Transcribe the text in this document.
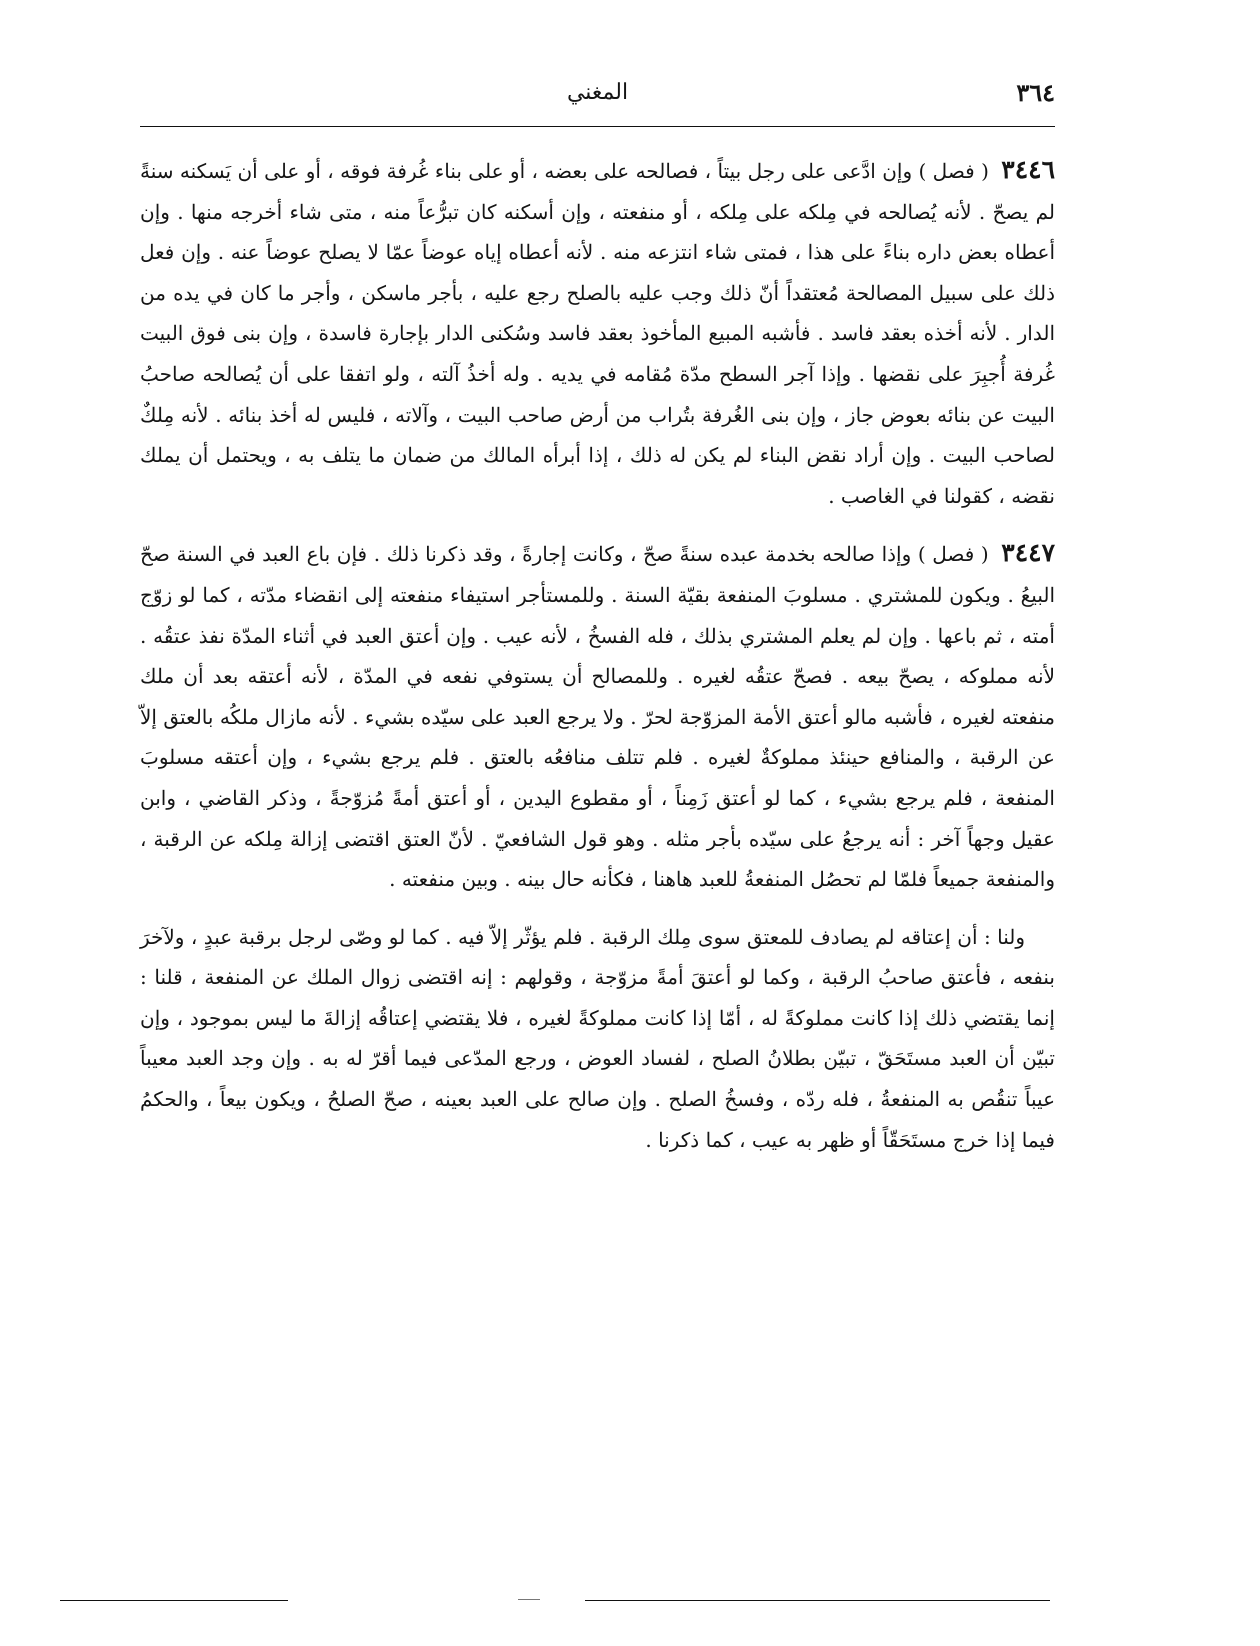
٣٦٤
المغني

٣٤٤٦ ( فصل ) وإن ادَّعى على رجل بيتاً ، فصالحه على بعضه ، أو على بناء غُرفة فوقه ، أو على أن يَسكنه سنةً لم يصحّ . لأنه يُصالحه في مِلكه على مِلكه ، أو منفعته ، وإن أسكنه كان تبرُّعاً منه ، متى شاء أخرجه منها . وإن أعطاه بعض داره بناءً على هذا ، فمتى شاء انتزعه منه . لأنه أعطاه إياه عوضاً عمّا لا يصلح عوضاً عنه . وإن فعل ذلك على سبيل المصالحة مُعتقداً أنّ ذلك وجب عليه بالصلح رجع عليه ، بأجر ماسكن ، وأجر ما كان في يده من الدار . لأنه أخذه بعقد فاسد . فأشبه المبيع المأخوذ بعقد فاسد وسُكنى الدار بإجارة فاسدة ، وإن بنى فوق البيت غُرفة أُجبِرَ على نقضها . وإذا آجر السطح مدّة مُقامه في يديه . وله أخذُ آلته ، ولو اتفقا على أن يُصالحه صاحبُ البيت عن بنائه بعوض جاز ، وإن بنى الغُرفة بتُراب من أرض صاحب البيت ، وآلاته ، فليس له أخذ بنائه . لأنه مِلكٌ لصاحب البيت . وإن أراد نقض البناء لم يكن له ذلك ، إذا أبرأه المالك من ضمان ما يتلف به ، ويحتمل أن يملك نقضه ، كقولنا في الغاصب .

٣٤٤٧ ( فصل ) وإذا صالحه بخدمة عبده سنةً صحّ ، وكانت إجارةً ، وقد ذكرنا ذلك . فإن باع العبد في السنة صحّ البيعُ . ويكون للمشتري . مسلوبَ المنفعة بقيّة السنة . وللمستأجر استيفاء منفعته إلى انقضاء مدّته ، كما لو زوّج أمته ، ثم باعها . وإن لم يعلم المشتري بذلك ، فله الفسخُ ، لأنه عيب . وإن أعتق العبد في أثناء المدّة نفذ عتقُه . لأنه مملوكه ، يصحّ بيعه . فصحّ عتقُه لغيره . وللمصالح أن يستوفي نفعه في المدّة ، لأنه أعتقه بعد أن ملك منفعته لغيره ، فأشبه مالو أعتق الأمة المزوّجة لحرّ . ولا يرجع العبد على سيّده بشيء . لأنه مازال ملكُه بالعتق إلاّ عن الرقبة ، والمنافع حينئذ مملوكةٌ لغيره . فلم تتلف منافعُه بالعتق . فلم يرجع بشيء ، وإن أعتقه مسلوبَ المنفعة ، فلم يرجع بشيء ، كما لو أعتق زَمِناً ، أو مقطوع اليدين ، أو أعتق أمةً مُزوّجةً ، وذكر القاضي ، وابن عقيل وجهاً آخر : أنه يرجعُ على سيّده بأجر مثله . وهو قول الشافعيّ . لأنّ العتق اقتضى إزالة مِلكه عن الرقبة ، والمنفعة جميعاً فلمّا لم تحصُل المنفعةُ للعبد هاهنا ، فكأنه حال بينه . وبين منفعته .

ولنا : أن إعتاقه لم يصادف للمعتق سوى مِلك الرقبة . فلم يؤثّر إلاّ فيه . كما لو وصّى لرجل برقبة عبدٍ ، ولآخرَ بنفعه ، فأعتق صاحبُ الرقبة ، وكما لو أعتقَ أمةً مزوّجة ، وقولهم : إنه اقتضى زوال الملك عن المنفعة ، قلنا : إنما يقتضي ذلك إذا كانت مملوكةً له ، أمّا إذا كانت مملوكةً لغيره ، فلا يقتضي إعتاقُه إزالةَ ما ليس بموجود ، وإن تبيّن أن العبد مستَحَقّ ، تبيّن بطلانُ الصلح ، لفساد العوض ، ورجع المدّعى فيما أقرّ له به . وإن وجد العبد معيباً عيباً تنقُص به المنفعةُ ، فله ردّه ، وفسخُ الصلح . وإن صالح على العبد بعينه ، صحّ الصلحُ ، ويكون بيعاً ، والحكمُ فيما إذا خرج مستَحَقّاً أو ظهر به عيب ، كما ذكرنا .
